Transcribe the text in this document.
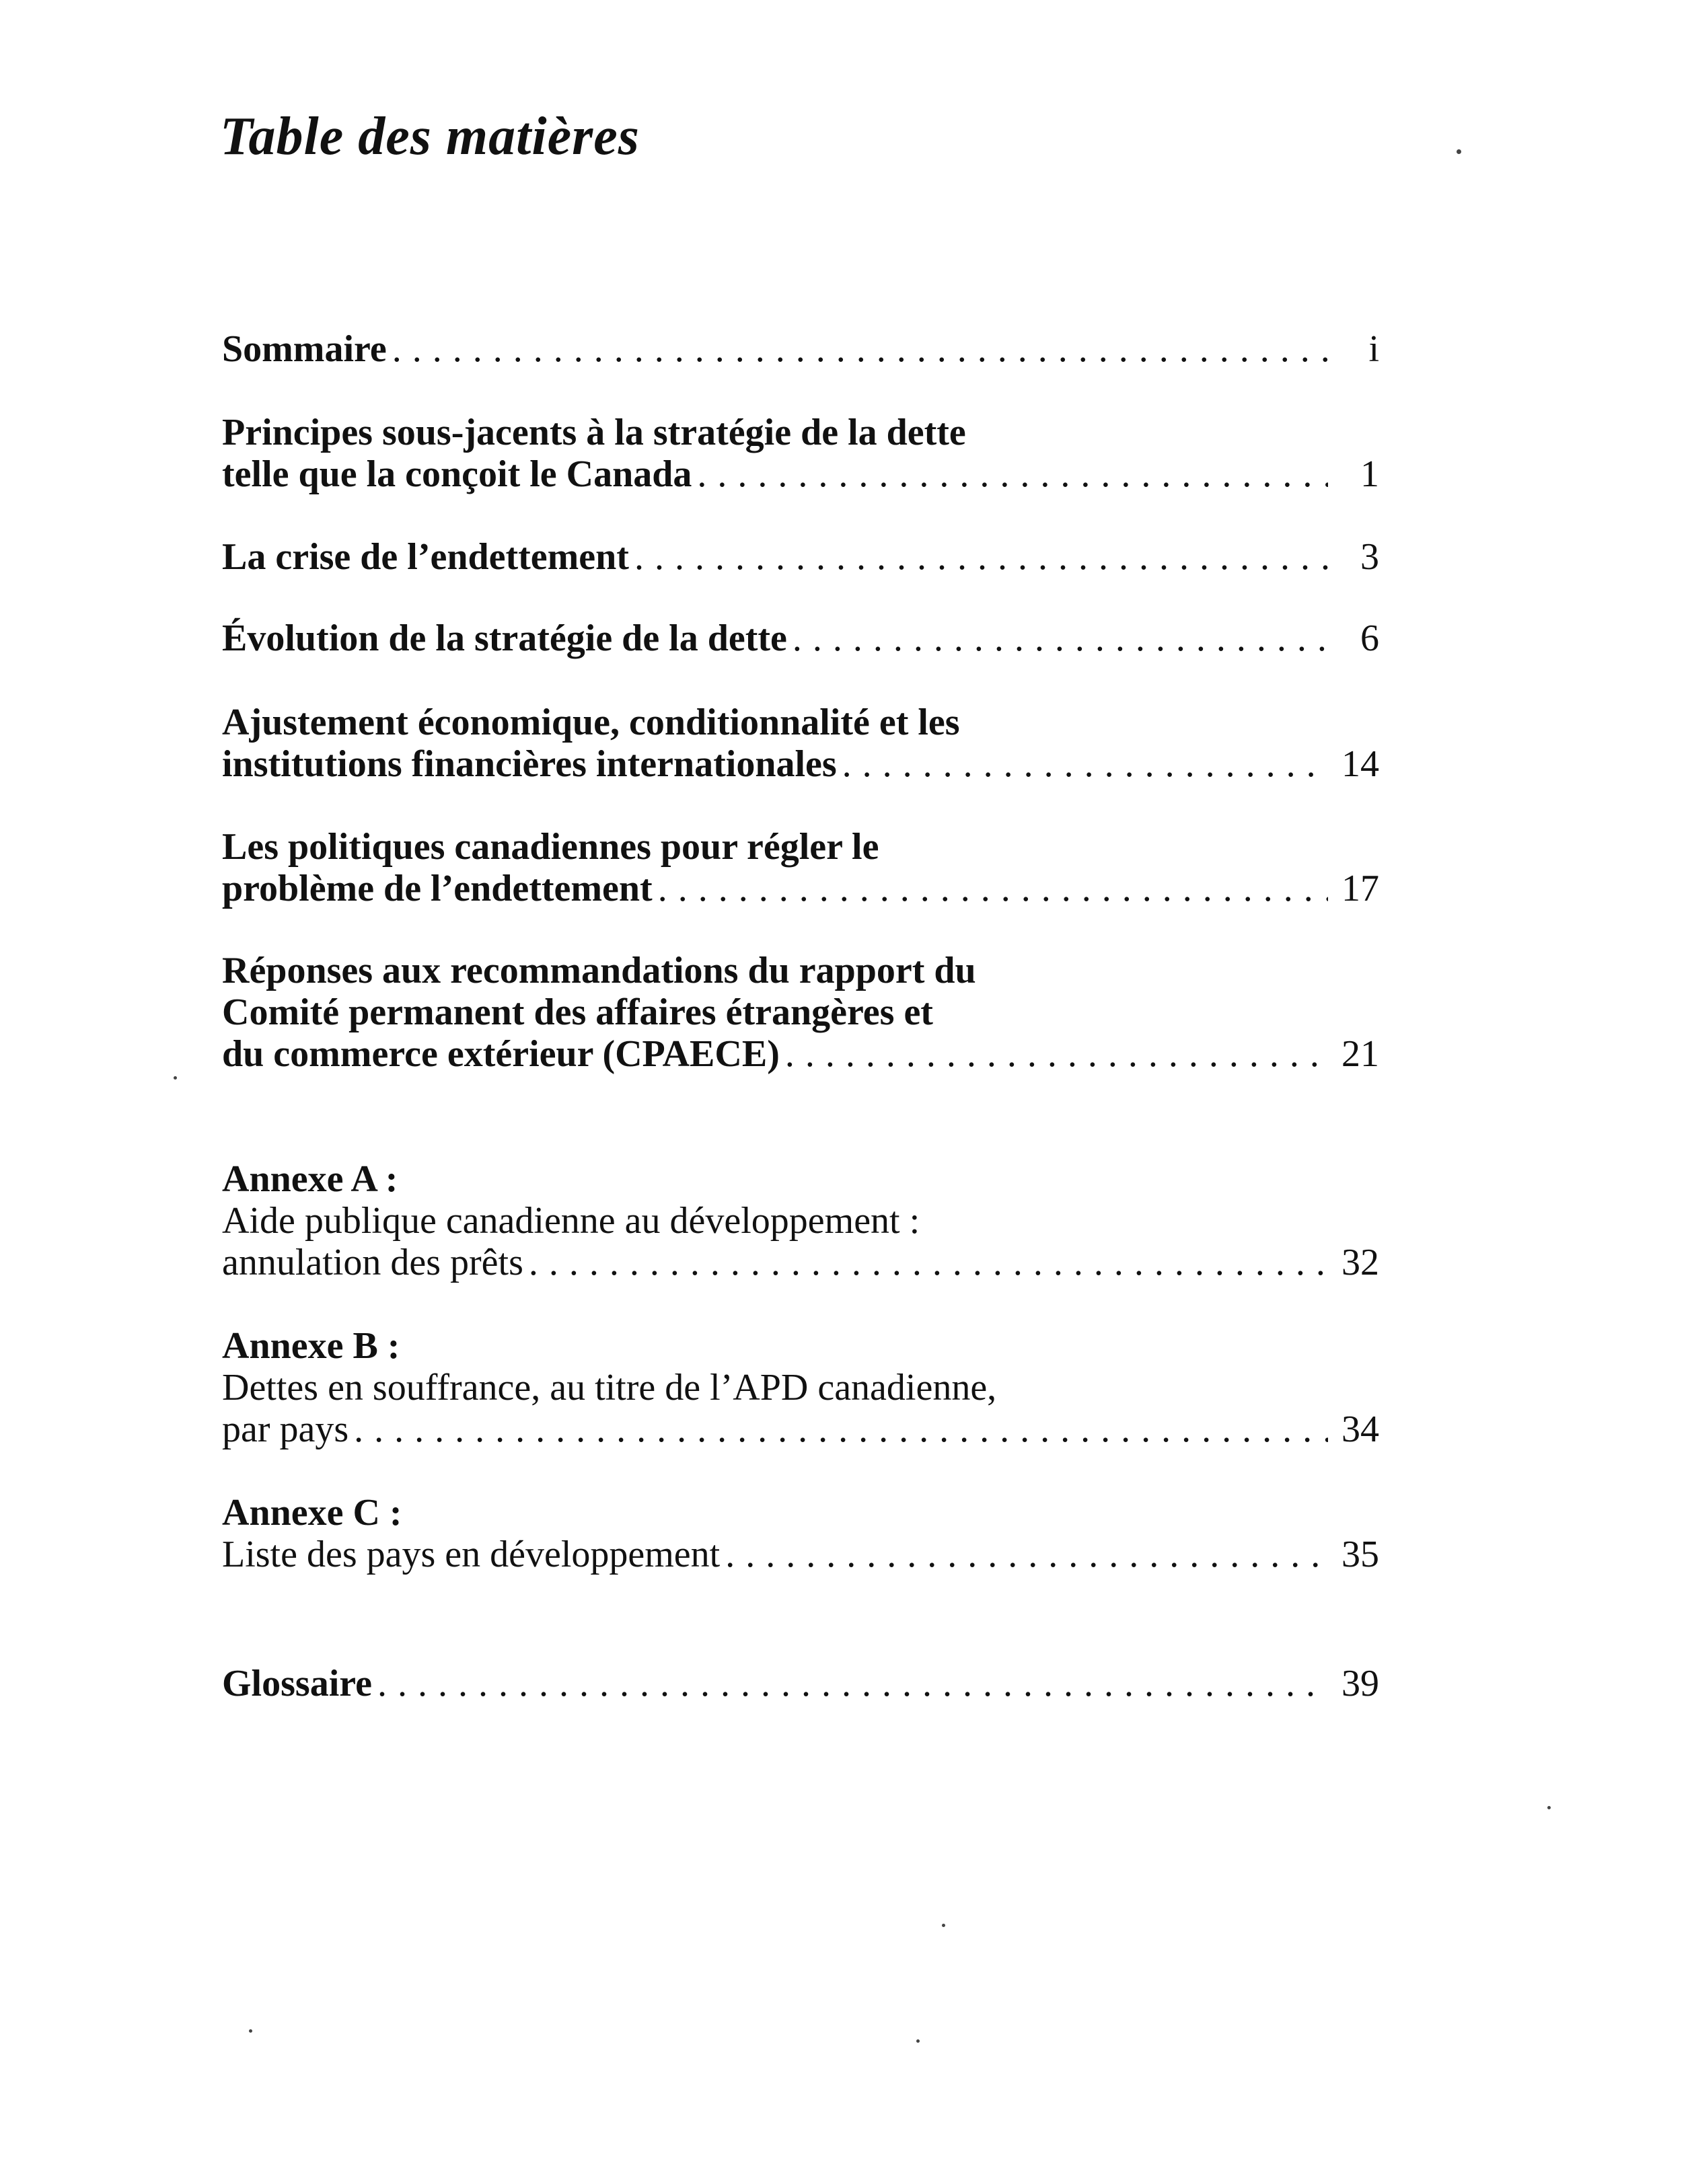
Table des matières
Sommaire . . .	i
Principes sous-jacents à la stratégie de la dette
telle que la conçoit le Canada . . .	1
La crise de l’endettement . . .	3
Évolution de la stratégie de la dette . . .	6
Ajustement économique, conditionnalité et les
institutions financières internationales . . .	14
Les politiques canadiennes pour régler le
problème de l’endettement . . .	17
Réponses aux recommandations du rapport du
Comité permanent des affaires étrangères et
du commerce extérieur (CPAECE) . . .	21
Annexe A :
Aide publique canadienne au développement :
annulation des prêts . . .	32
Annexe B :
Dettes en souffrance, au titre de l’APD canadienne,
par pays . . .	34
Annexe C :
Liste des pays en développement . . .	35
Glossaire . . .	39
